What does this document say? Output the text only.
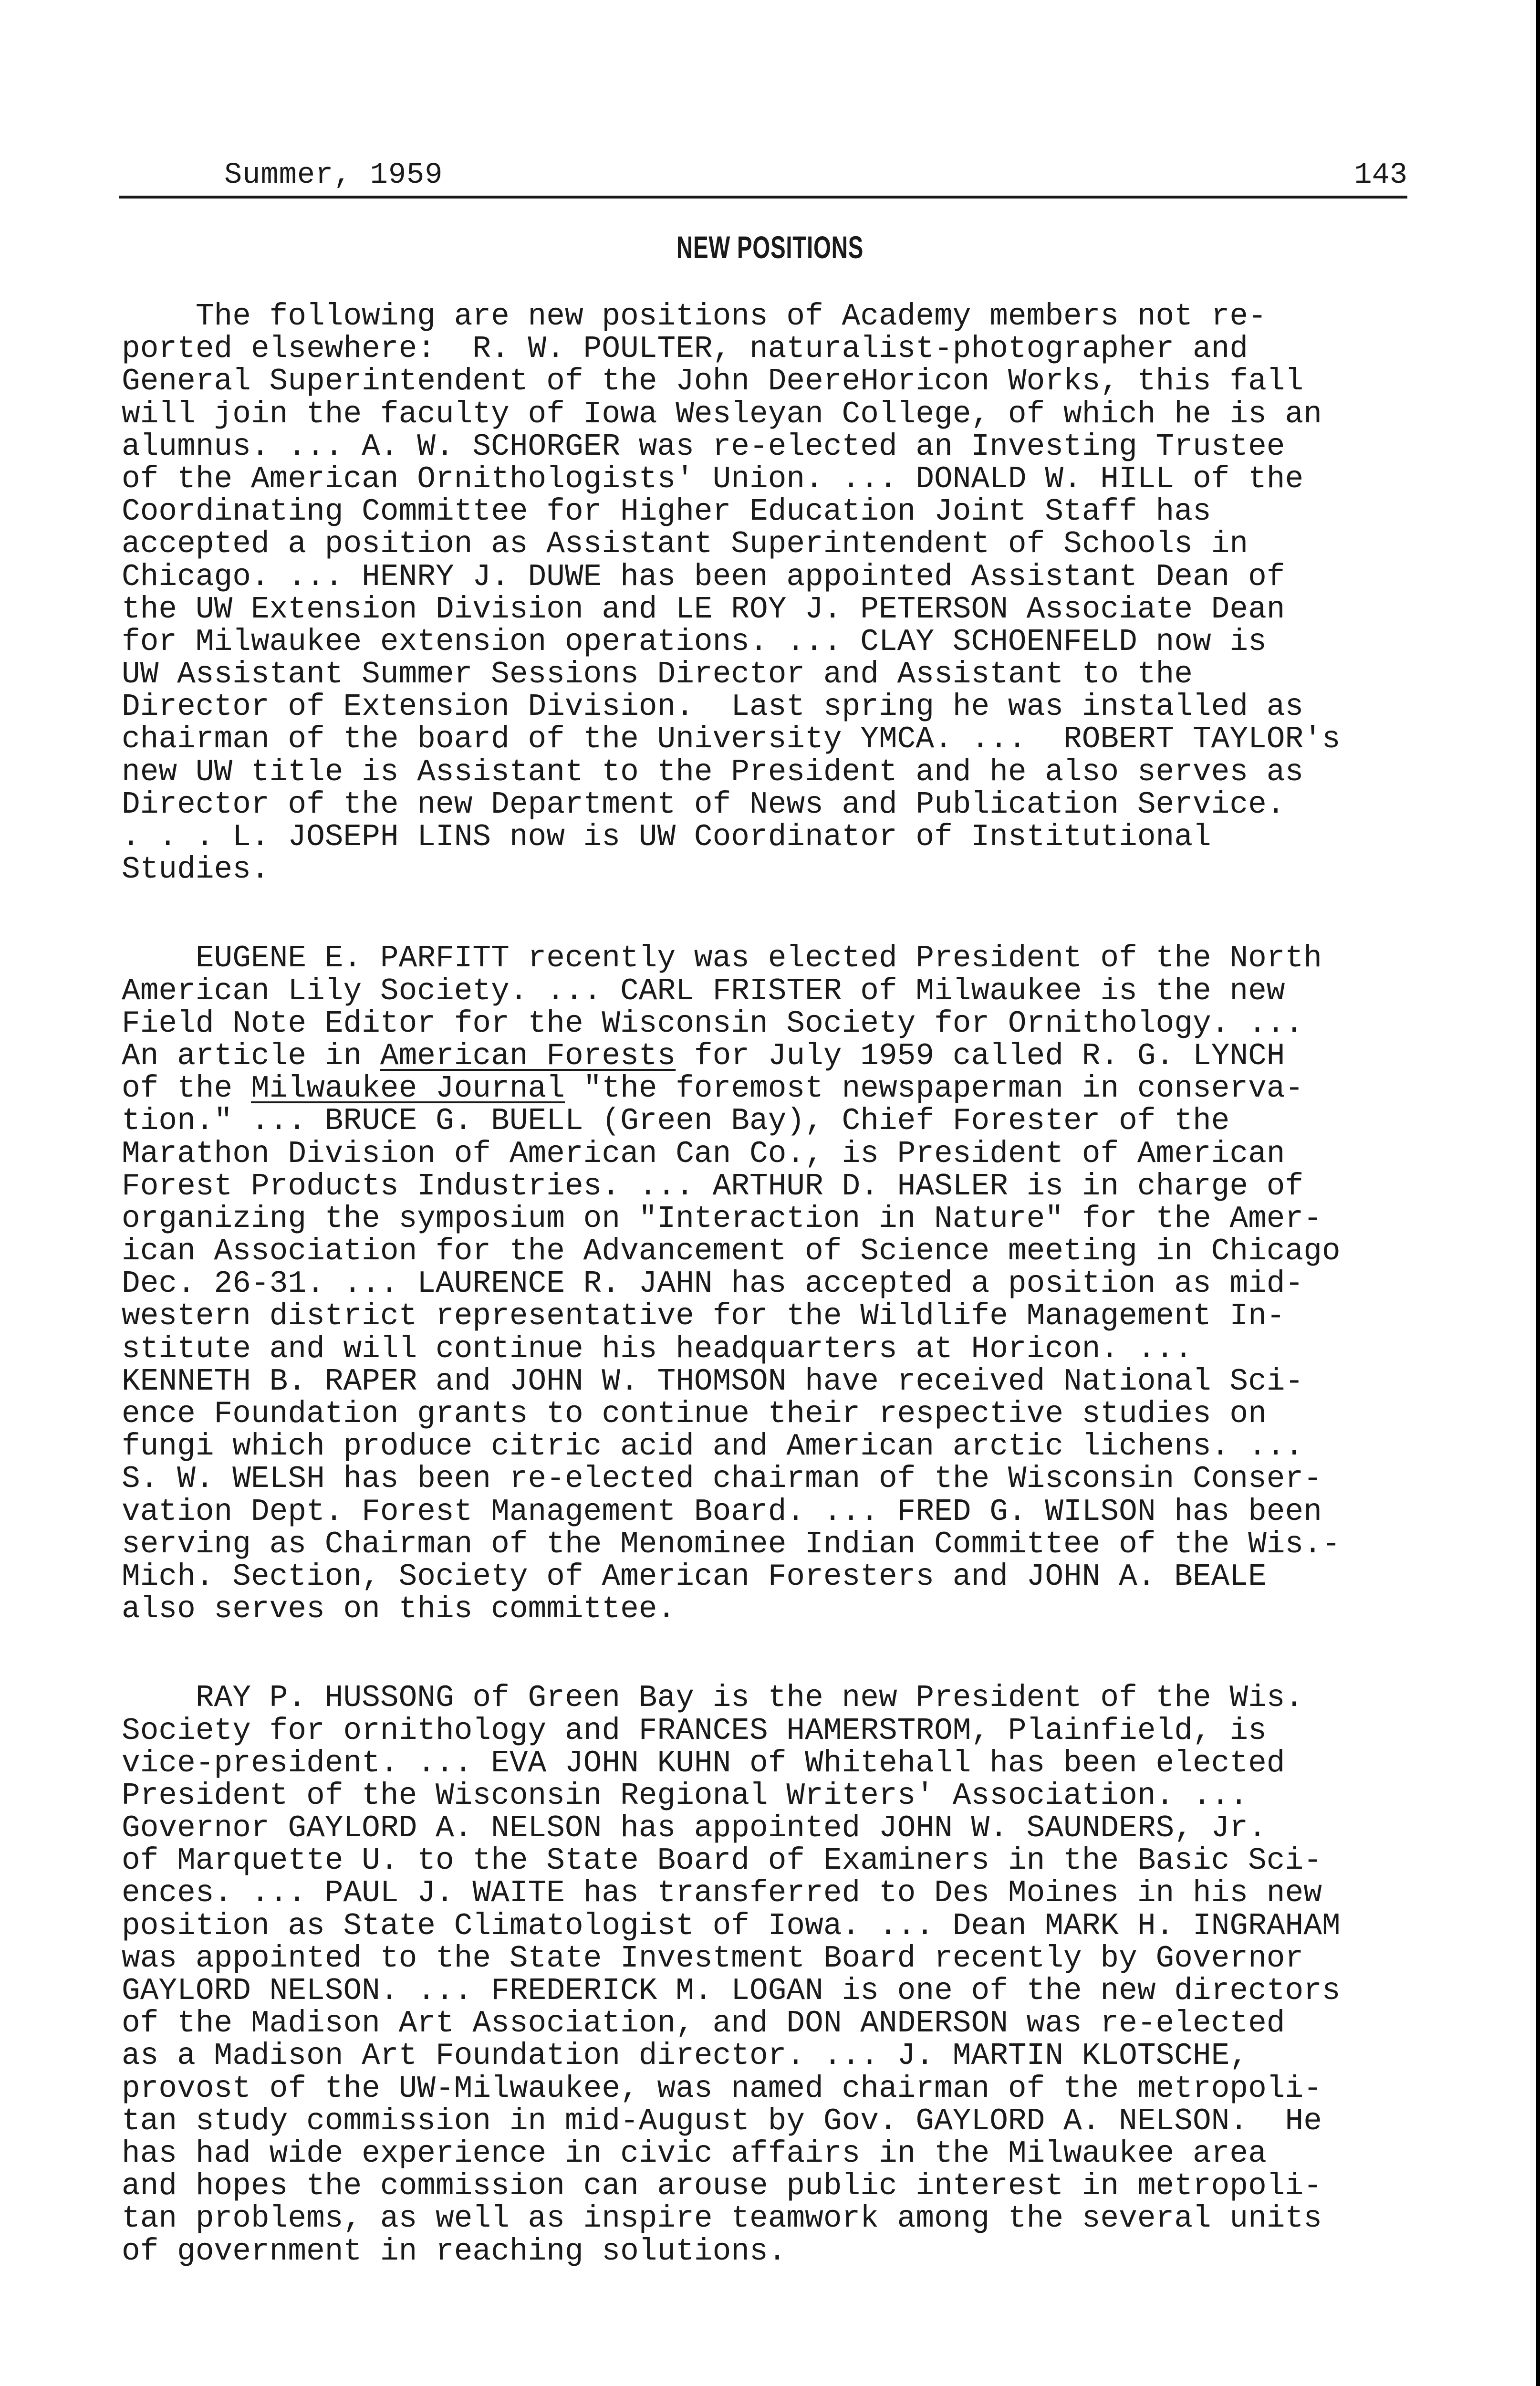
Summer, 1959	143
NEW POSITIONS
The following are new positions of Academy members not re-
ported elsewhere:  R. W. POULTER, naturalist-photographer and
General Superintendent of the John DeereHoricon Works, this fall
will join the faculty of Iowa Wesleyan College, of which he is an
alumnus. ... A. W. SCHORGER was re-elected an Investing Trustee
of the American Ornithologists' Union. ... DONALD W. HILL of the
Coordinating Committee for Higher Education Joint Staff has
accepted a position as Assistant Superintendent of Schools in
Chicago. ... HENRY J. DUWE has been appointed Assistant Dean of
the UW Extension Division and LE ROY J. PETERSON Associate Dean
for Milwaukee extension operations. ... CLAY SCHOENFELD now is
UW Assistant Summer Sessions Director and Assistant to the
Director of Extension Division.  Last spring he was installed as
chairman of the board of the University YMCA. ...  ROBERT TAYLOR's
new UW title is Assistant to the President and he also serves as
Director of the new Department of News and Publication Service.
. . . L. JOSEPH LINS now is UW Coordinator of Institutional
Studies.
EUGENE E. PARFITT recently was elected President of the North
American Lily Society. ... CARL FRISTER of Milwaukee is the new
Field Note Editor for the Wisconsin Society for Ornithology. ...
An article in American Forests for July 1959 called R. G. LYNCH
of the Milwaukee Journal "the foremost newspaperman in conserva-
tion." ... BRUCE G. BUELL (Green Bay), Chief Forester of the
Marathon Division of American Can Co., is President of American
Forest Products Industries. ... ARTHUR D. HASLER is in charge of
organizing the symposium on "Interaction in Nature" for the Amer-
ican Association for the Advancement of Science meeting in Chicago
Dec. 26-31. ... LAURENCE R. JAHN has accepted a position as mid-
western district representative for the Wildlife Management In-
stitute and will continue his headquarters at Horicon. ...
KENNETH B. RAPER and JOHN W. THOMSON have received National Sci-
ence Foundation grants to continue their respective studies on
fungi which produce citric acid and American arctic lichens. ...
S. W. WELSH has been re-elected chairman of the Wisconsin Conser-
vation Dept. Forest Management Board. ... FRED G. WILSON has been
serving as Chairman of the Menominee Indian Committee of the Wis.-
Mich. Section, Society of American Foresters and JOHN A. BEALE
also serves on this committee.
RAY P. HUSSONG of Green Bay is the new President of the Wis.
Society for ornithology and FRANCES HAMERSTROM, Plainfield, is
vice-president. ... EVA JOHN KUHN of Whitehall has been elected
President of the Wisconsin Regional Writers' Association. ...
Governor GAYLORD A. NELSON has appointed JOHN W. SAUNDERS, Jr.
of Marquette U. to the State Board of Examiners in the Basic Sci-
ences. ... PAUL J. WAITE has transferred to Des Moines in his new
position as State Climatologist of Iowa. ... Dean MARK H. INGRAHAM
was appointed to the State Investment Board recently by Governor
GAYLORD NELSON. ... FREDERICK M. LOGAN is one of the new directors
of the Madison Art Association, and DON ANDERSON was re-elected
as a Madison Art Foundation director. ... J. MARTIN KLOTSCHE,
provost of the UW-Milwaukee, was named chairman of the metropoli-
tan study commission in mid-August by Gov. GAYLORD A. NELSON.  He
has had wide experience in civic affairs in the Milwaukee area
and hopes the commission can arouse public interest in metropoli-
tan problems, as well as inspire teamwork among the several units
of government in reaching solutions.
